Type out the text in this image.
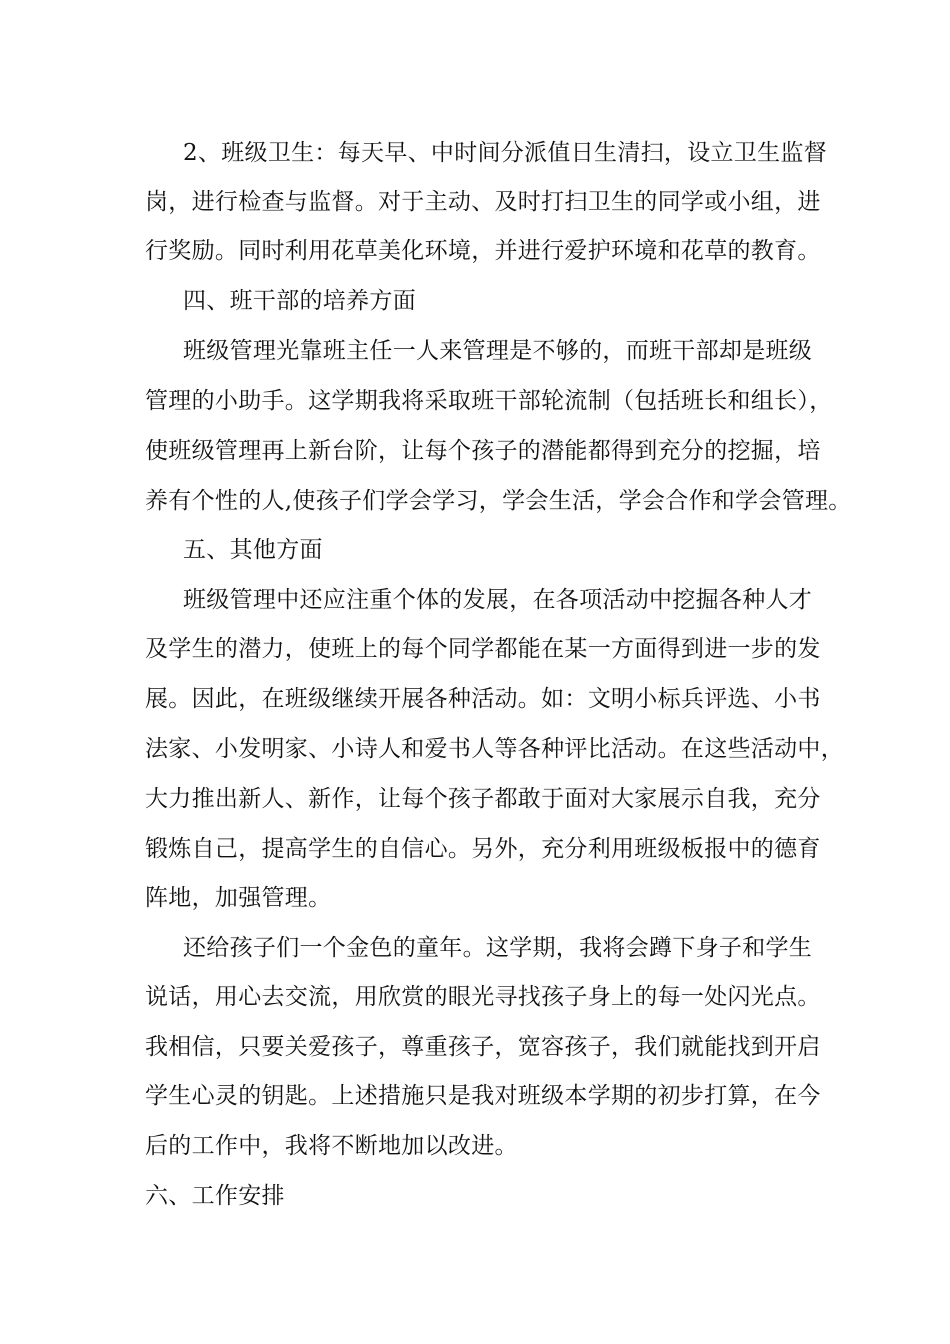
2、班级卫生：每天早、中时间分派值日生清扫，设立卫生监督
岗，进行检查与监督。对于主动、及时打扫卫生的同学或小组，进
行奖励。同时利用花草美化环境，并进行爱护环境和花草的教育。
四、班干部的培养方面
班级管理光靠班主任一人来管理是不够的，而班干部却是班级
管理的小助手。这学期我将采取班干部轮流制（包括班长和组长），
使班级管理再上新台阶，让每个孩子的潜能都得到充分的挖掘，培
养有个性的人,使孩子们学会学习，学会生活，学会合作和学会管理。
五、其他方面
班级管理中还应注重个体的发展，在各项活动中挖掘各种人才
及学生的潜力，使班上的每个同学都能在某一方面得到进一步的发
展。因此，在班级继续开展各种活动。如：文明小标兵评选、小书
法家、小发明家、小诗人和爱书人等各种评比活动。在这些活动中，
大力推出新人、新作，让每个孩子都敢于面对大家展示自我，充分
锻炼自己，提高学生的自信心。另外，充分利用班级板报中的德育
阵地，加强管理。
还给孩子们一个金色的童年。这学期，我将会蹲下身子和学生
说话，用心去交流，用欣赏的眼光寻找孩子身上的每一处闪光点。
我相信，只要关爱孩子，尊重孩子，宽容孩子，我们就能找到开启
学生心灵的钥匙。上述措施只是我对班级本学期的初步打算，在今
后的工作中，我将不断地加以改进。
六、工作安排
